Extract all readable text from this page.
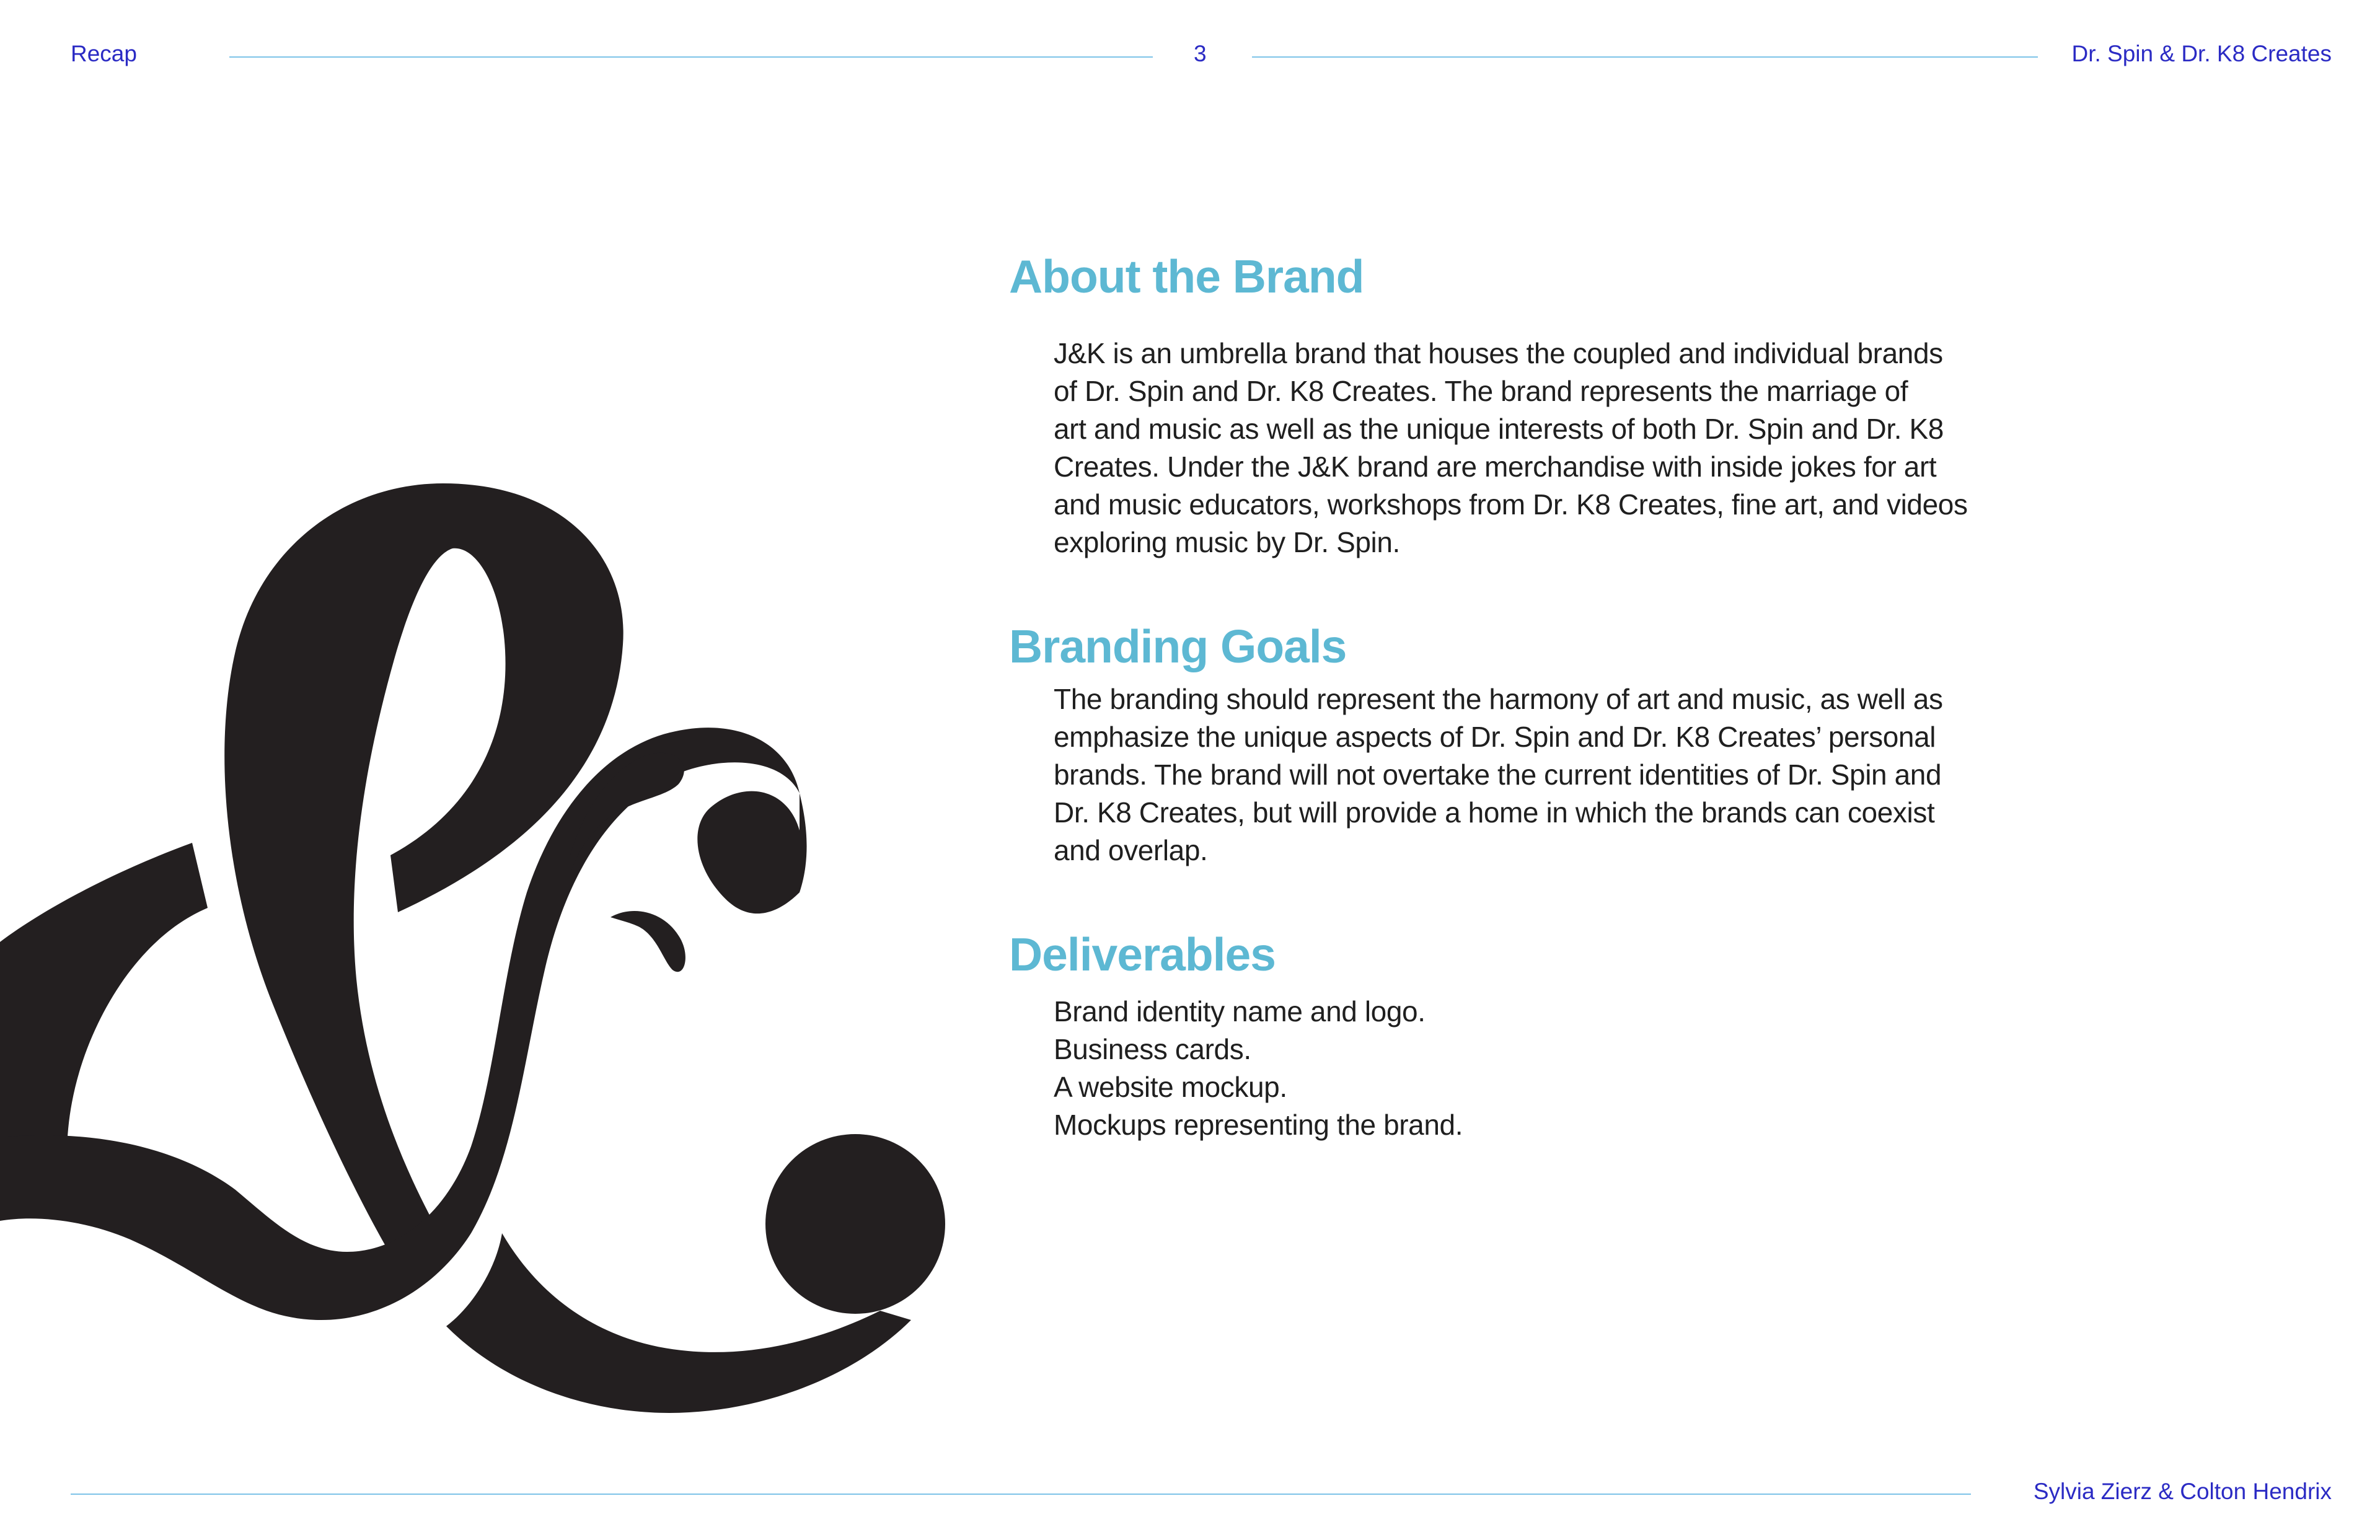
Recap	3	Dr. Spin & Dr. K8 Creates
About the Brand

J&K is an umbrella brand that houses the coupled and individual brands
of Dr. Spin and Dr. K8 Creates. The brand represents the marriage of
art and music as well as the unique interests of both Dr. Spin and Dr. K8
Creates. Under the J&K brand are merchandise with inside jokes for art
and music educators, workshops from Dr. K8 Creates, fine art, and videos
exploring music by Dr. Spin.

Branding Goals

The branding should represent the harmony of art and music, as well as
emphasize the unique aspects of Dr. Spin and Dr. K8 Creates’ personal
brands. The brand will not overtake the current identities of Dr. Spin and
Dr. K8 Creates, but will provide a home in which the brands can coexist
and overlap.

Deliverables
Brand identity name and logo.
Business cards.
A website mockup.
Mockups representing the brand.
Sylvia Zierz & Colton Hendrix
